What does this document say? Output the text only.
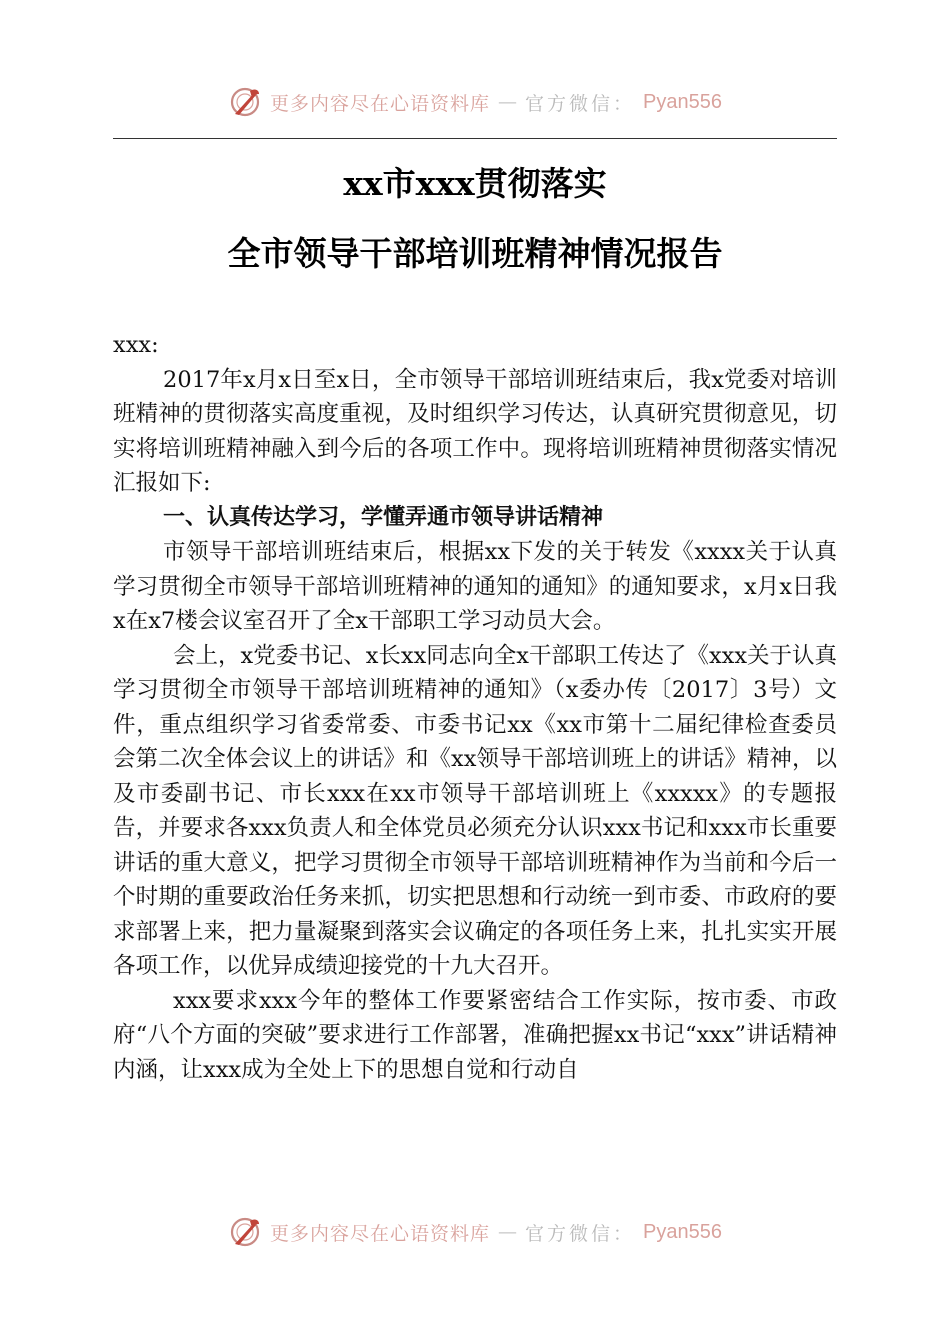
更多内容尽在心语资料库 — 官方微信： Pyan556
xx市xxx贯彻落实
全市领导干部培训班精神情况报告

xxx:

2017年x月x日至x日，全市领导干部培训班结束后，我x党委对培训班精神的贯彻落实高度重视，及时组织学习传达，认真研究贯彻意见，切实将培训班精神融入到今后的各项工作中。现将培训班精神贯彻落实情况汇报如下:

一、认真传达学习，学懂弄通市领导讲话精神

市领导干部培训班结束后，根据xx下发的关于转发《xxxx关于认真学习贯彻全市领导干部培训班精神的通知的通知》的通知要求，x月x日我x在x7楼会议室召开了全x干部职工学习动员大会。

会上，x党委书记、x长xx同志向全x干部职工传达了《xxx关于认真学习贯彻全市领导干部培训班精神的通知》（x委办传〔2017〕3号）文件，重点组织学习省委常委、市委书记xx《xx市第十二届纪律检查委员会第二次全体会议上的讲话》和《xx领导干部培训班上的讲话》精神，以及市委副书记、市长xxx在xx市领导干部培训班上《xxxxx》的专题报告，并要求各xxx负责人和全体党员必须充分认识xxx书记和xxx市长重要讲话的重大意义，把学习贯彻全市领导干部培训班精神作为当前和今后一个时期的重要政治任务来抓，切实把思想和行动统一到市委、市政府的要求部署上来，把力量凝聚到落实会议确定的各项任务上来，扎扎实实开展各项工作，以优异成绩迎接党的十九大召开。

xxx要求xxx今年的整体工作要紧密结合工作实际，按市委、市政府“八个方面的突破”要求进行工作部署，准确把握xx书记“xxx”讲话精神内涵，让xxx成为全处上下的思想自觉和行动自

更多内容尽在心语资料库 — 官方微信： Pyan556
